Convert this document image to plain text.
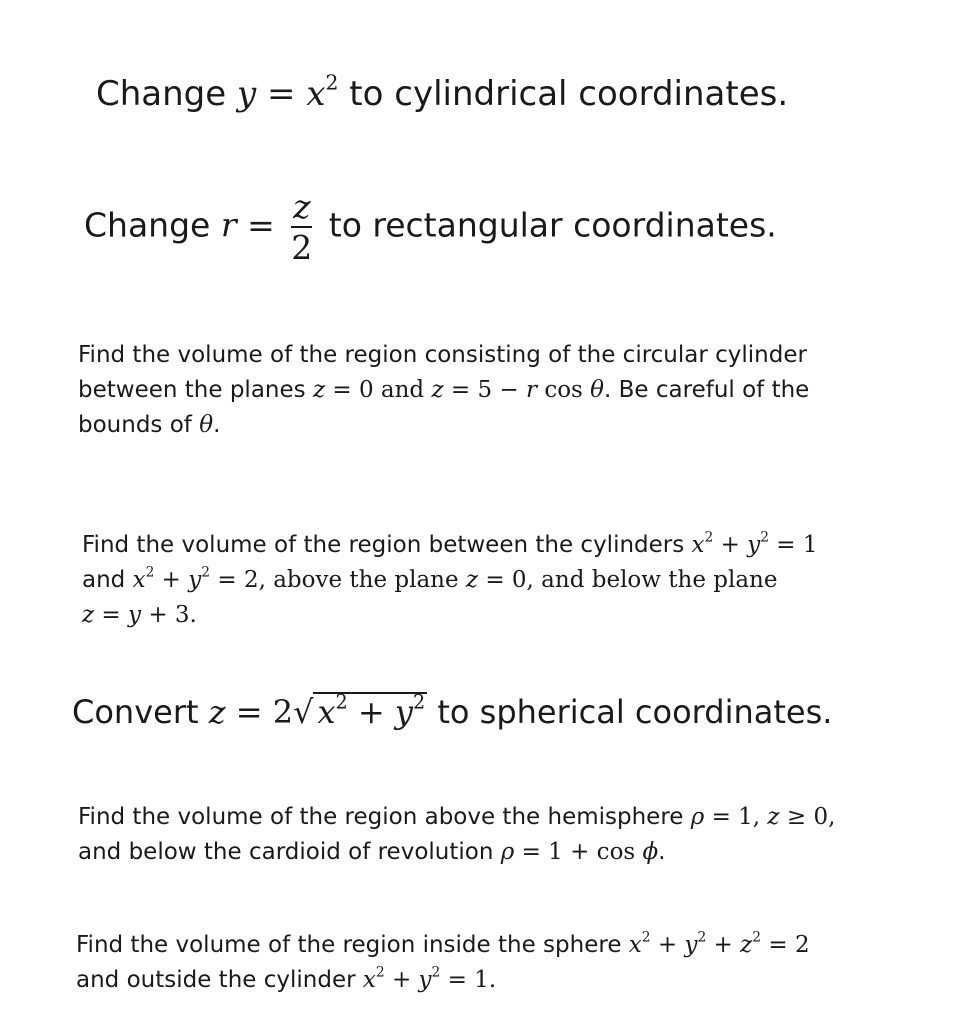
Change $y = x^2$ to cylindrical coordinates.
Change $r = \frac{z}{2}$ to rectangular coordinates.
Find the volume of the region consisting of the circular cylinder
between the planes z = 0 and z = 5 − r cos θ. Be careful of the
bounds of θ.
Find the volume of the region between the cylinders $x^2 + y^2 = 1$
and $x^2 + y^2 = 2$, above the plane z = 0, and below the plane
z = y + 3.
Convert z = 2√ $x^2 + y^2$ to spherical coordinates.
Find the volume of the region above the hemisphere ρ = 1, z ≥ 0,
and below the cardioid of revolution ρ = 1 + cos ϕ.
Find the volume of the region inside the sphere $x^2 + y^2 + z^2 = 2$
and outside the cylinder $x^2 + y^2 = 1$.
